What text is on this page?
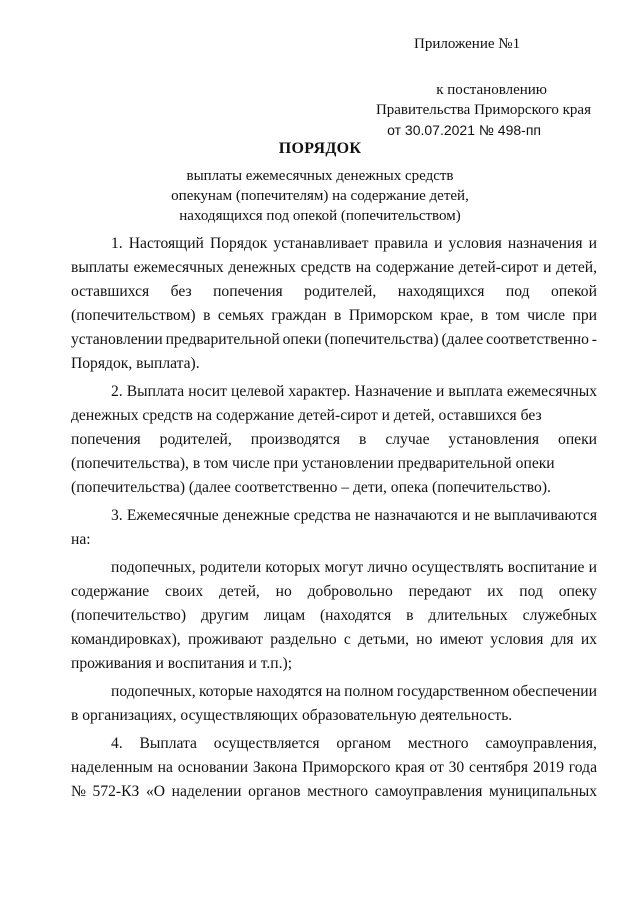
Приложение №1
к постановлению
Правительства Приморского края
от 30.07.2021 № 498-пп
ПОРЯДОК
выплаты ежемесячных денежных средств
опекунам (попечителям) на содержание детей,
находящихся под опекой (попечительством)
1. Настоящий Порядок устанавливает правила и условия назначения и
выплаты ежемесячных денежных средств на содержание детей-сирот и детей,
оставшихся без попечения родителей, находящихся под опекой
(попечительством) в семьях граждан в Приморском крае, в том числе при
установлении предварительной опеки (попечительства) (далее соответственно -
Порядок, выплата).
2. Выплата носит целевой характер. Назначение и выплата ежемесячных
денежных средств на содержание детей-сирот и детей, оставшихся без
попечения родителей, производятся в случае установления опеки
(попечительства), в том числе при установлении предварительной опеки
(попечительства) (далее соответственно – дети, опека (попечительство).
3. Ежемесячные денежные средства не назначаются и не выплачиваются
на:
подопечных, родители которых могут лично осуществлять воспитание и
содержание своих детей, но добровольно передают их под опеку
(попечительство) другим лицам (находятся в длительных служебных
командировках), проживают раздельно с детьми, но имеют условия для их
проживания и воспитания и т.п.);
подопечных, которые находятся на полном государственном обеспечении
в организациях, осуществляющих образовательную деятельность.
4. Выплата осуществляется органом местного самоуправления,
наделенным на основании Закона Приморского края от 30 сентября 2019 года
№ 572-КЗ «О наделении органов местного самоуправления муниципальных
